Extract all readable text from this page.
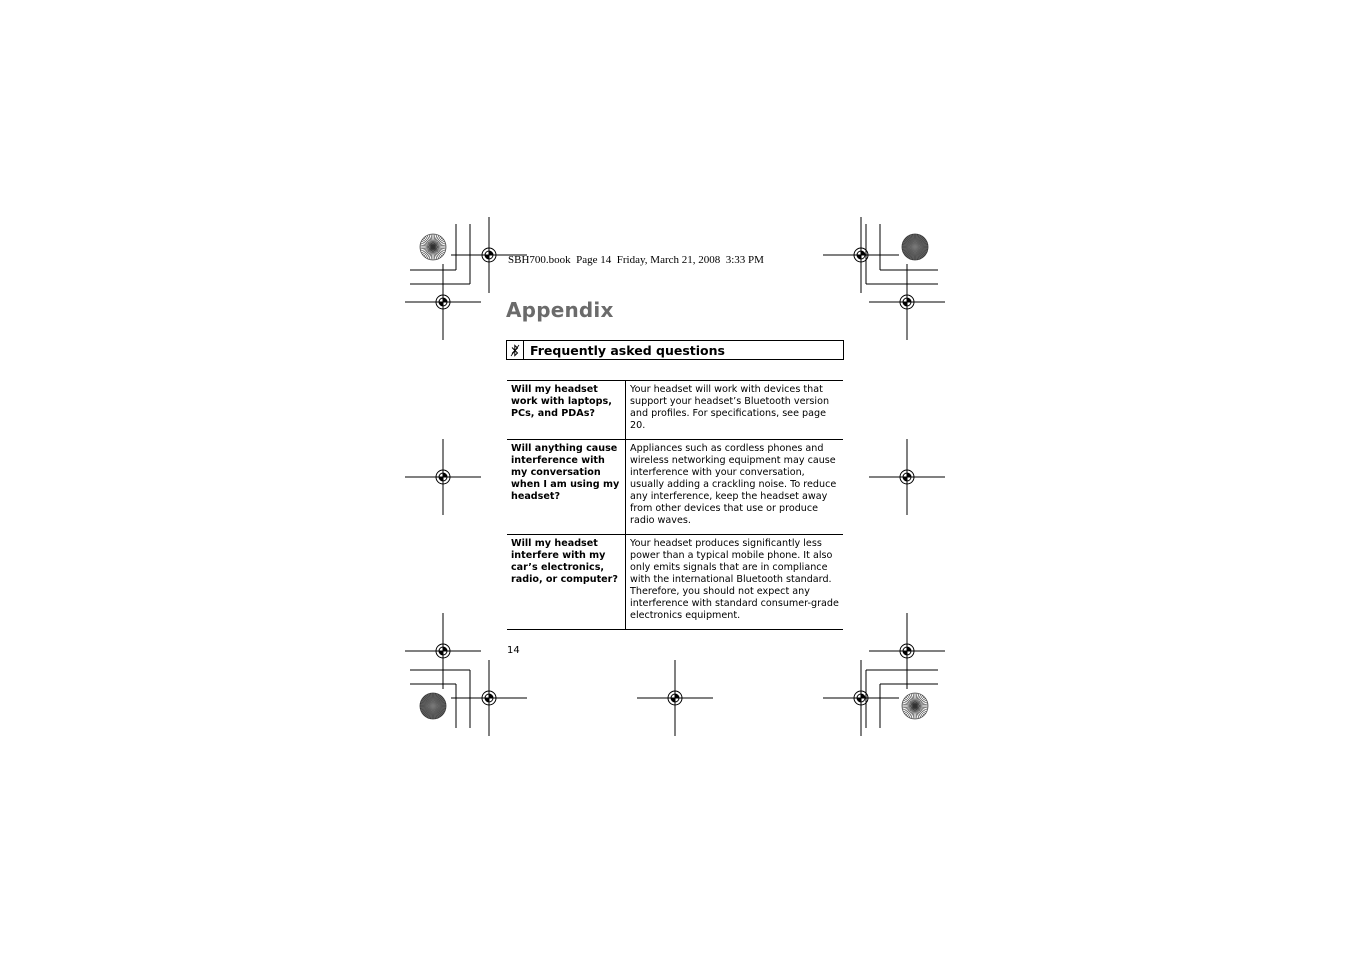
SBH700.book  Page 14  Friday, March 21, 2008  3:33 PM
Appendix
Frequently asked questions
Will my headset work with laptops, PCs, and PDAs?	Your headset will work with devices that support your headset’s Bluetooth version and profiles. For specifications, see page 20.
Will anything cause interference with my conversation when I am using my headset?	Appliances such as cordless phones and wireless networking equipment may cause interference with your conversation, usually adding a crackling noise. To reduce any interference, keep the headset away from other devices that use or produce radio waves.
Will my headset interfere with my car’s electronics, radio, or computer?	Your headset produces significantly less power than a typical mobile phone. It also only emits signals that are in compliance with the international Bluetooth standard. Therefore, you should not expect any interference with standard consumer-grade electronics equipment.
14
